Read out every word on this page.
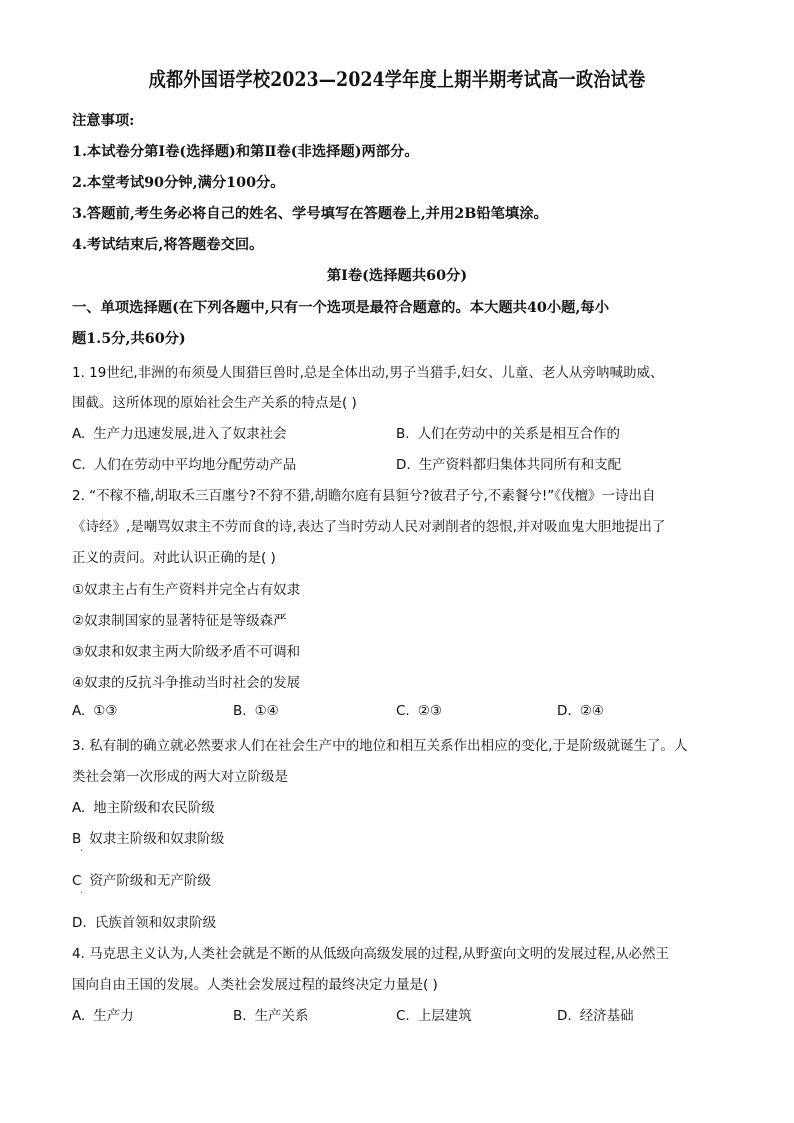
成都外国语学校2023—2024学年度上期半期考试高一政治试卷
注意事项:
1.本试卷分第Ⅰ卷(选择题)和第Ⅱ卷(非选择题)两部分。
2.本堂考试90分钟,满分100分。
3.答题前,考生务必将自己的姓名、学号填写在答题卷上,并用2B铅笔填涂。
4.考试结束后,将答题卷交回。
第Ⅰ卷(选择题共60分)
一、单项选择题(在下列各题中,只有一个选项是最符合题意的。本大题共40小题,每小
题1.5分,共60分)
1. 19世纪,非洲的布须曼人围猎巨兽时,总是全体出动,男子当猎手,妇女、儿童、老人从旁呐喊助威、
围截。这所体现的原始社会生产关系的特点是( )
A. 生产力迅速发展,进入了奴隶社会	B. 人们在劳动中的关系是相互合作的
C. 人们在劳动中平均地分配劳动产品	D. 生产资料都归集体共同所有和支配
2. “不稼不穑,胡取禾三百廛兮?不狩不猎,胡瞻尔庭有县貆兮?彼君子兮,不素餐兮!”《伐檀》一诗出自
《诗经》,是嘲骂奴隶主不劳而食的诗,表达了当时劳动人民对剥削者的怨恨,并对吸血鬼大胆地提出了
正义的责问。对此认识正确的是( )
①奴隶主占有生产资料并完全占有奴隶
②奴隶制国家的显著特征是等级森严
③奴隶和奴隶主两大阶级矛盾不可调和
④奴隶的反抗斗争推动当时社会的发展
A. ①③	B. ①④	C. ②③	D. ②④
3. 私有制的确立就必然要求人们在社会生产中的地位和相互关系作出相应的变化,于是阶级就诞生了。人
类社会第一次形成的两大对立阶级是
A. 地主阶级和农民阶级
B 奴隶主阶级和奴隶阶级
·
C 资产阶级和无产阶级
·
D. 氏族首领和奴隶阶级
4. 马克思主义认为,人类社会就是不断的从低级向高级发展的过程,从野蛮向文明的发展过程,从必然王
国向自由王国的发展。人类社会发展过程的最终决定力量是( )
A. 生产力	B. 生产关系	C. 上层建筑	D. 经济基础
